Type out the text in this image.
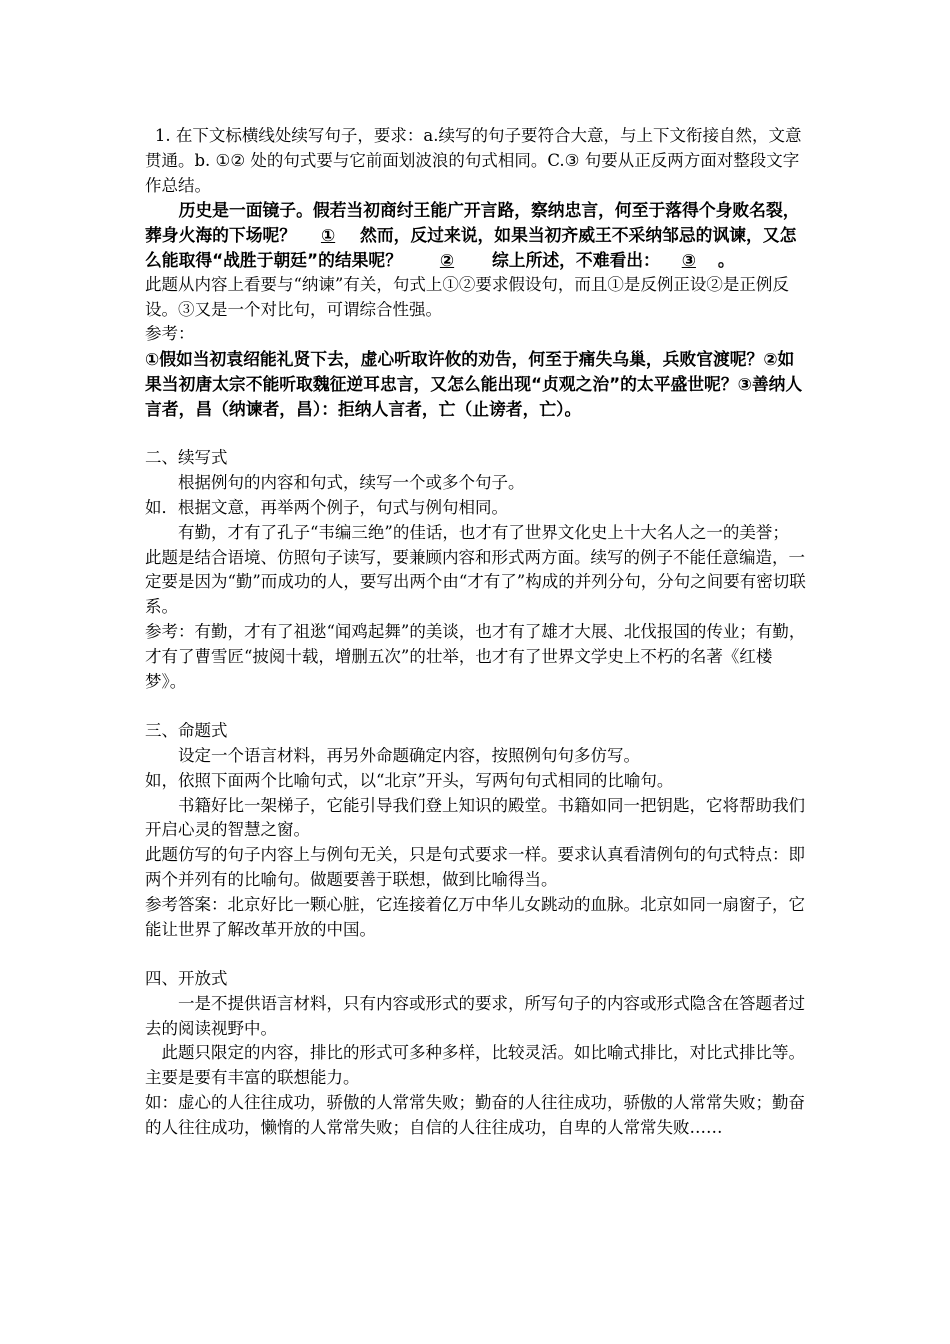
1. 在下文标横线处续写句子，要求：a.续写的句子要符合大意，与上下文衔接自然，文意贯通。b. ①② 处的句式要与它前面划波浪的句式相同。C.③ 句要从正反两方面对整段文字作总结。

历史是一面镜子。假若当初商纣王能广开言路，察纳忠言，何至于落得个身败名裂，葬身火海的下场呢？ ① 然而，反过来说，如果当初齐威王不采纳邹忌的讽谏，又怎么能取得“战胜于朝廷”的结果呢？ ② 综上所述，不难看出： ③ 。

此题从内容上看要与“纳谏”有关，句式上①②要求假设句，而且①是反例正设②是正例反设。③又是一个对比句，可谓综合性强。

参考：

①假如当初袁绍能礼贤下去，虚心听取许攸的劝告，何至于痛失乌巢，兵败官渡呢？②如果当初唐太宗不能听取魏征逆耳忠言，又怎么能出现“贞观之治”的太平盛世呢？③善纳人言者，昌（纳谏者，昌）：拒纳人言者，亡（止谤者，亡）。

二、续写式

根据例句的内容和句式，续写一个或多个句子。

如．根据文意，再举两个例子，句式与例句相同。

有勤，才有了孔子“韦编三绝”的佳话，也才有了世界文化史上十大名人之一的美誉；

此题是结合语境、仿照句子读写，要兼顾内容和形式两方面。续写的例子不能任意编造，一定要是因为“勤”而成功的人，要写出两个由“才有了”构成的并列分句，分句之间要有密切联系。

参考：有勤，才有了祖逖“闻鸡起舞”的美谈，也才有了雄才大展、北伐报国的传业；有勤，才有了曹雪匠“披阅十载，增删五次”的壮举，也才有了世界文学史上不朽的名著《红楼梦》。

三、命题式

设定一个语言材料，再另外命题确定内容，按照例句句多仿写。

如，依照下面两个比喻句式，以“北京”开头，写两句句式相同的比喻句。

书籍好比一架梯子，它能引导我们登上知识的殿堂。书籍如同一把钥匙，它将帮助我们开启心灵的智慧之窗。

此题仿写的句子内容上与例句无关，只是句式要求一样。要求认真看清例句的句式特点：即两个并列有的比喻句。做题要善于联想，做到比喻得当。

参考答案：北京好比一颗心脏，它连接着亿万中华儿女跳动的血脉。北京如同一扇窗子，它能让世界了解改革开放的中国。

四、开放式

一是不提供语言材料，只有内容或形式的要求，所写句子的内容或形式隐含在答题者过去的阅读视野中。

此题只限定的内容，排比的形式可多种多样，比较灵活。如比喻式排比，对比式排比等。主要是要有丰富的联想能力。

如：虚心的人往往成功，骄傲的人常常失败；勤奋的人往往成功，骄傲的人常常失败；勤奋的人往往成功，懒惰的人常常失败；自信的人往往成功，自卑的人常常失败……
